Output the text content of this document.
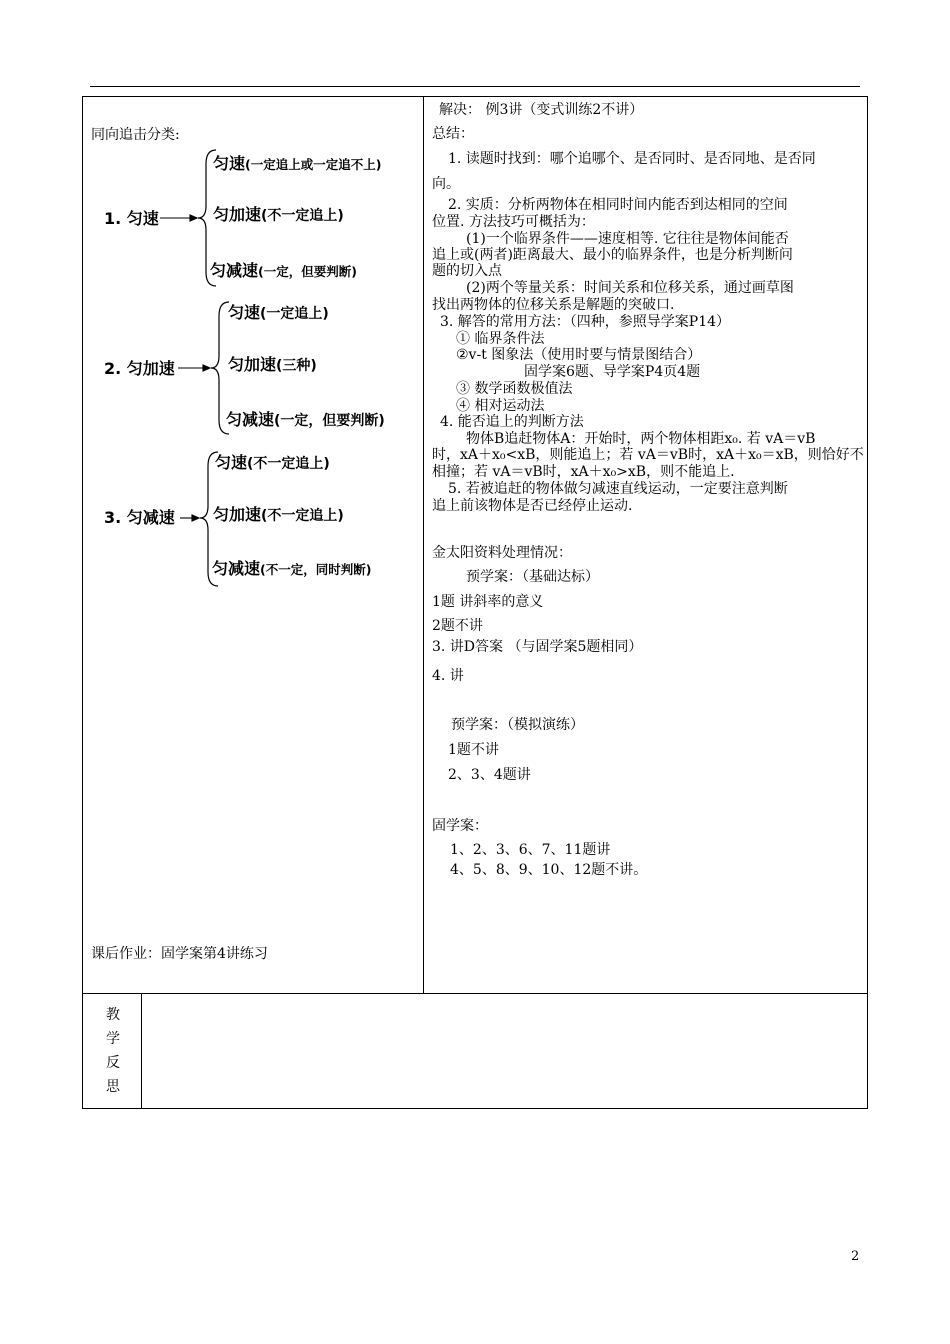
同向追击分类:
1. 匀速
匀速(一定追上或一定追不上)
匀加速(不一定追上)
匀减速(一定，但要判断)
2. 匀加速
匀速(一定追上)
匀加速(三种)
匀减速(一定，但要判断)
3. 匀减速
匀速(不一定追上)
匀加速(不一定追上)
匀减速(不一定，同时判断)
课后作业：固学案第4讲练习
解决： 例3讲（变式训练2不讲）
总结：
1. 读题时找到：哪个追哪个、是否同时、是否同地、是否同
向。
2. 实质：分析两物体在相同时间内能否到达相同的空间
位置. 方法技巧可概括为：
(1)一个临界条件——速度相等. 它往往是物体间能否
追上或(两者)距离最大、最小的临界条件，也是分析判断问
题的切入点
(2)两个等量关系：时间关系和位移关系，通过画草图
找出两物体的位移关系是解题的突破口.
3. 解答的常用方法：（四种，参照导学案P14）
① 临界条件法
②v-t 图象法（使用时要与情景图结合）
固学案6题、导学案P4页4题
③ 数学函数极值法
④ 相对运动法
4. 能否追上的判断方法
物体B追赶物体A：开始时，两个物体相距x₀. 若 vA＝vB
时，xA＋x₀<xB，则能追上；若 vA＝vB时，xA＋x₀＝xB，则恰好不
相撞；若 vA＝vB时，xA＋x₀>xB，则不能追上.
5. 若被追赶的物体做匀减速直线运动，一定要注意判断
追上前该物体是否已经停止运动.
金太阳资料处理情况：
预学案：（基础达标）
1题 讲斜率的意义
2题不讲
3. 讲D答案 （与固学案5题相同）
4. 讲
预学案：（模拟演练）
1题不讲
2、3、4题讲
固学案：
1、2、3、6、7、11题讲
4、5、8、9、10、12题不讲。
教
学
反
思
2
